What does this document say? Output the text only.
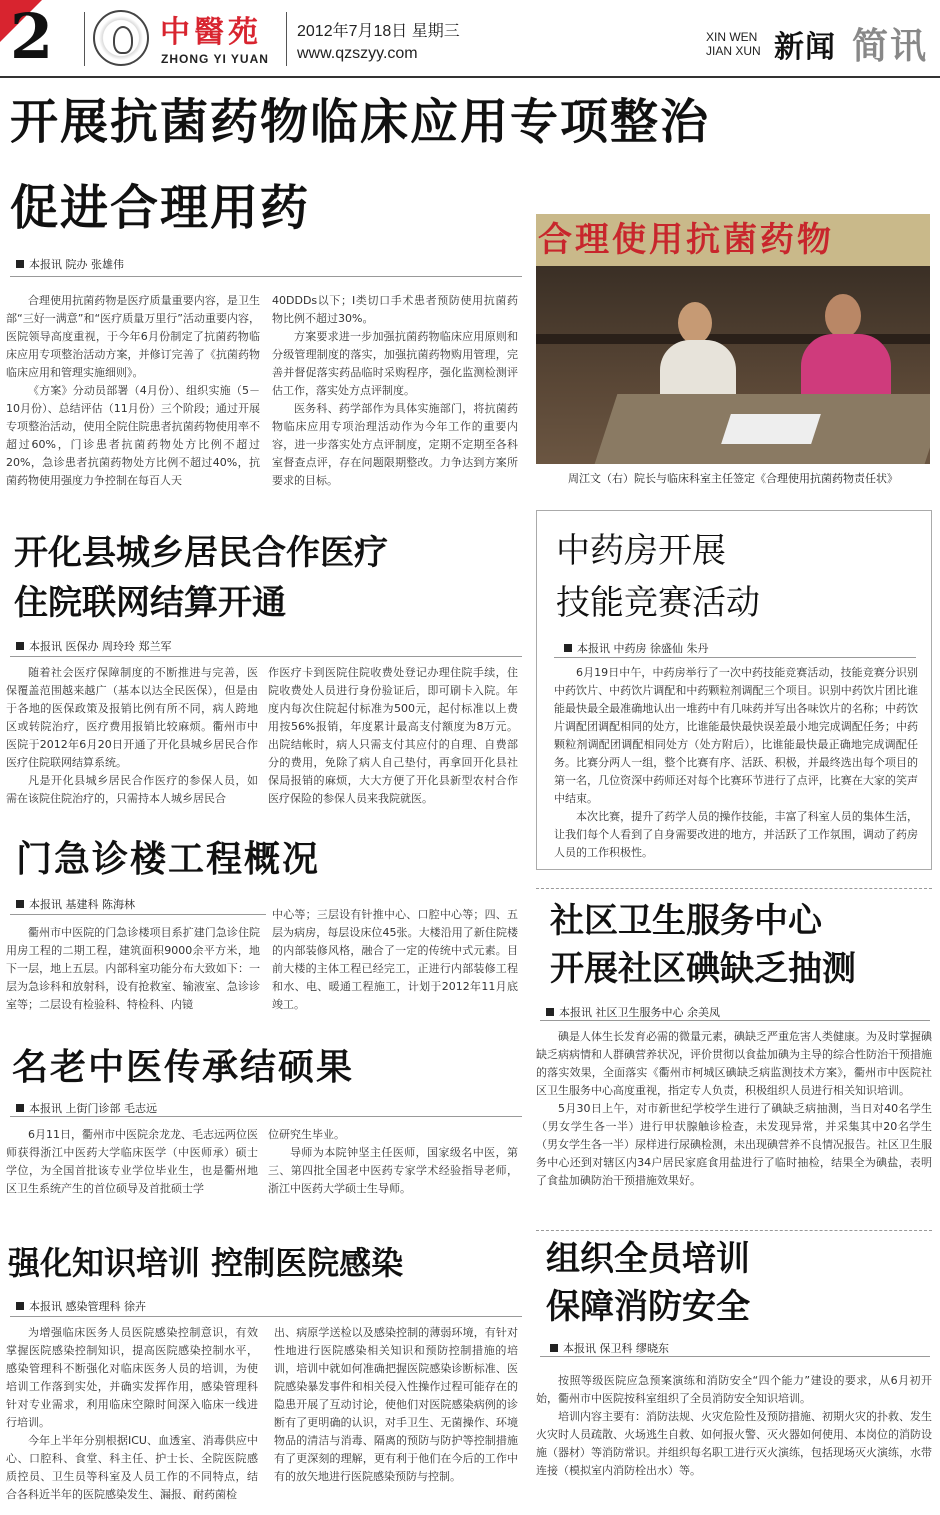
2	中醫苑
ZHONG YI YUAN
2012年7月18日 星期三
www.qzszyy.com
XIN WEN
JIAN XUN 新闻 简讯
开展抗菌药物临床应用专项整治
促进合理用药
本报讯 院办 张雄伟

合理使用抗菌药物是医疗质量重要内容，是卫生部“三好一满意”和“医疗质量万里行”活动重要内容，医院领导高度重视，于今年6月份制定了抗菌药物临床应用专项整治活动方案，并修订完善了《抗菌药物临床应用和管理实施细则》。

《方案》分动员部署（4月份）、组织实施（5－10月份）、总结评估（11月份）三个阶段；通过开展专项整治活动，使用全院住院患者抗菌药物使用率不超过60%，门诊患者抗菌药物处方比例不超过20%，急诊患者抗菌药物处方比例不超过40%，抗菌药物使用强度力争控制在每百人天

40DDDs以下；I类切口手术患者预防使用抗菌药物比例不超过30%。

方案要求进一步加强抗菌药物临床应用原则和分级管理制度的落实，加强抗菌药物购用管理，完善并督促落实药品临时采购程序，强化监测检测评估工作，落实处方点评制度。

医务科、药学部作为具体实施部门，将抗菌药物临床应用专项治理活动作为今年工作的重要内容，进一步落实处方点评制度，定期不定期至各科室督查点评，存在问题限期整改。力争达到方案所要求的目标。

合理使用抗菌药物
周江文（右）院长与临床科室主任签定《合理使用抗菌药物责任状》
开化县城乡居民合作医疗
住院联网结算开通
本报讯 医保办 周玲玲 郑兰军

随着社会医疗保障制度的不断推进与完善，医保覆盖范围越来越广（基本以达全民医保），但是由于各地的医保政策及报销比例有所不同，病人跨地区或转院治疗，医疗费用报销比较麻烦。衢州市中医院于2012年6月20日开通了开化县城乡居民合作医疗住院联网结算系统。

凡是开化县城乡居民合作医疗的参保人员，如需在该院住院治疗的，只需持本人城乡居民合

作医疗卡到医院住院收费处登记办理住院手续，住院收费处人员进行身份验证后，即可刷卡入院。年度内每次住院起付标准为500元，起付标准以上费用按56%报销，年度累计最高支付额度为8万元。出院结帐时，病人只需支付其应付的自理、自费部分的费用，免除了病人自己垫付，再拿回开化县社保局报销的麻烦，大大方便了开化县新型农村合作医疗保险的参保人员来我院就医。

中药房开展
技能竞赛活动
本报讯 中药房 徐盛仙 朱丹

6月19日中午，中药房举行了一次中药技能竞赛活动，技能竞赛分识别中药饮片、中药饮片调配和中药颗粒剂调配三个项目。识别中药饮片团比谁能最快最全最准确地认出一堆药中有几味药并写出各味饮片的名称；中药饮片调配团调配相同的处方，比谁能最快最快误差最小地完成调配任务；中药颗粒剂调配团调配相同处方（处方附后），比谁能最快最正确地完成调配任务。比赛分两人一组，整个比赛有序、活跃、积极，并最终选出每个项目的第一名，几位资深中药师还对每个比赛环节进行了点评，比赛在大家的笑声中结束。

本次比赛，提升了药学人员的操作技能，丰富了科室人员的集体生活，让我们每个人看到了自身需要改进的地方，并活跃了工作氛围，调动了药房人员的工作积极性。

门急诊楼工程概况
本报讯 基建科 陈海林

衢州市中医院的门急诊楼项目系扩建门急诊住院用房工程的二期工程，建筑面积9000余平方米，地下一层，地上五层。内部科室功能分布大致如下：一层为急诊科和放射科，设有抢救室、输液室、急诊诊室等；二层设有检验科、特检科、内镜

中心等；三层设有针推中心、口腔中心等；四、五层为病房，每层设床位45张。大楼沿用了新住院楼的内部装修风格，融合了一定的传统中式元素。目前大楼的主体工程已经完工，正进行内部装修工程和水、电、暖通工程施工，计划于2012年11月底竣工。

社区卫生服务中心
开展社区碘缺乏抽测
本报讯 社区卫生服务中心 余美凤

碘是人体生长发育必需的微量元素，碘缺乏严重危害人类健康。为及时掌握碘缺乏病病情和人群碘营养状况，评价贯彻以食盐加碘为主导的综合性防治干预措施的落实效果，全面落实《衢州市柯城区碘缺乏病监测技术方案》，衢州市中医院社区卫生服务中心高度重视，指定专人负责，积极组织人员进行相关知识培训。

5月30日上午，对市新世纪学校学生进行了碘缺乏病抽测，当日对40名学生（男女学生各一半）进行甲状腺触诊检查，未发现异常，并采集其中20名学生（男女学生各一半）尿样进行尿碘检测，未出现碘营养不良情况报告。社区卫生服务中心还到对辖区内34户居民家庭食用盐进行了临时抽检，结果全为碘盐，表明了食盐加碘防治干预措施效果好。

名老中医传承结硕果
本报讯 上街门诊部 毛志远

6月11日，衢州市中医院余龙龙、毛志远两位医师获得浙江中医药大学临床医学（中医师承）硕士学位，为全国首批该专业学位毕业生，也是衢州地区卫生系统产生的首位硕导及首批硕士学

位研究生毕业。

导师为本院钟坚主任医师，国家级名中医，第三、第四批全国老中医药专家学术经验指导老师，浙江中医药大学硕士生导师。

强化知识培训 控制医院感染
本报讯 感染管理科 徐卉

为增强临床医务人员医院感染控制意识，有效掌握医院感染控制知识，提高医院感染控制水平，感染管理科不断强化对临床医务人员的培训，为使培训工作落到实处，并确实发挥作用，感染管理科针对专业需求，利用临床空隙时间深入临床一线进行培训。

今年上半年分别根据ICU、血透室、消毒供应中心、口腔科、食堂、科主任、护士长、全院医院感质控员、卫生员等科室及人员工作的不同特点，结合各科近半年的医院感染发生、漏报、耐药菌检

出、病原学送检以及感染控制的薄弱环境，有针对性地进行医院感染相关知识和预防控制措施的培训，培训中就如何准确把握医院感染诊断标准、医院感染暴发事件和相关侵入性操作过程可能存在的隐患开展了互动讨论，使他们对医院感染病例的诊断有了更明确的认识，对手卫生、无菌操作、环境物品的清洁与消毒、隔离的预防与防护等控制措施有了更深刻的理解，更有利于他们在今后的工作中有的放矢地进行医院感染预防与控制。

组织全员培训
保障消防安全
本报讯 保卫科 缪晓东

按照等级医院应急预案演练和消防安全“四个能力”建设的要求，从6月初开始，衢州市中医院按科室组织了全员消防安全知识培训。

培训内容主要有：消防法规、火灾危险性及预防措施、初期火灾的扑救、发生火灾时人员疏散、火场逃生自救、如何报火警、灭火器如何使用、本岗位的消防设施（器材）等消防常识。并组织每名职工进行灭火演练，包括现场灭火演练，水带连接（模拟室内消防栓出水）等。
